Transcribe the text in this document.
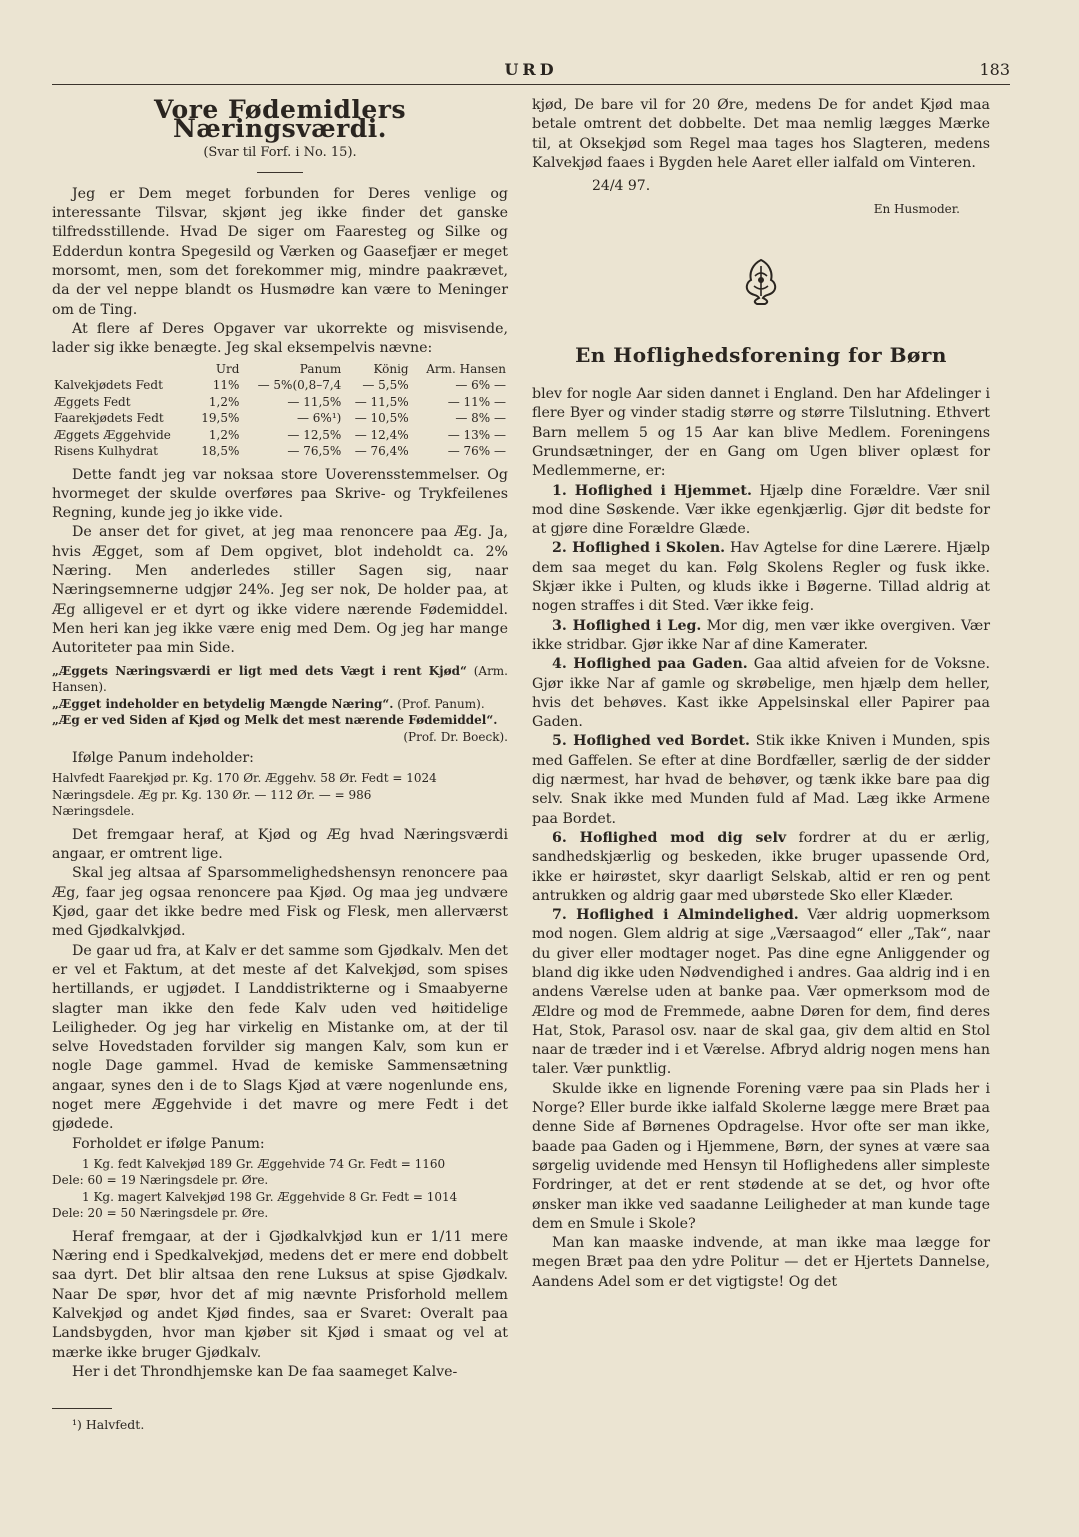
URD	183
Vore Fødemidlers Næringsværdi.
(Svar til Forf. i No. 15).

Jeg er Dem meget forbunden for Deres venlige og interessante Tilsvar, skjønt jeg ikke finder det ganske tilfredsstillende. Hvad De siger om Faaresteg og Silke og Edderdun kontra Spegesild og Værken og Gaasefjær er meget morsomt, men, som det forekommer mig, mindre paakrævet, da der vel neppe blandt os Husmødre kan være to Meninger om de Ting.

At flere af Deres Opgaver var ukorrekte og misvisende, lader sig ikke benægte. Jeg skal eksempelvis nævne:

	Urd	Panum	König	Arm. Hansen
Kalvekjødets Fedt	11%	— 5%(0,8–7,4	— 5,5%	— 6% —
Æggets Fedt	1,2%	— 11,5%	— 11,5%	— 11% —
Faarekjødets Fedt	19,5%	— 6%¹)	— 10,5%	— 8% —
Æggets Æggehvide	1,2%	— 12,5%	— 12,4%	— 13% —
Risens Kulhydrat	18,5%	— 76,5%	— 76,4%	— 76% —

Dette fandt jeg var noksaa store Uoverensstemmelser. Og hvormeget der skulde overføres paa Skrive- og Trykfeilenes Regning, kunde jeg jo ikke vide.

De anser det for givet, at jeg maa renoncere paa Æg. Ja, hvis Ægget, som af Dem opgivet, blot indeholdt ca. 2% Næring. Men anderledes stiller Sagen sig, naar Næringsemnerne udgjør 24%. Jeg ser nok, De holder paa, at Æg alligevel er et dyrt og ikke videre nærende Fødemiddel. Men heri kan jeg ikke være enig med Dem. Og jeg har mange Autoriteter paa min Side.

„Æggets Næringsværdi er ligt med dets Vægt i rent Kjød“ (Arm. Hansen).
„Ægget indeholder en betydelig Mængde Næring“. (Prof. Panum).
„Æg er ved Siden af Kjød og Melk det mest nærende Fødemiddel“.
(Prof. Dr. Boeck).

Ifølge Panum indeholder:

Halvfedt Faarekjød pr. Kg. 170 Ør. Æggehv. 58 Ør. Fedt = 1024
Næringsdele. Æg pr. Kg. 130 Ør. — 112 Ør. — = 986
Næringsdele.

Det fremgaar heraf, at Kjød og Æg hvad Næringsværdi angaar, er omtrent lige.

Skal jeg altsaa af Sparsommelighedshensyn renoncere paa Æg, faar jeg ogsaa renoncere paa Kjød. Og maa jeg undvære Kjød, gaar det ikke bedre med Fisk og Flesk, men allerværst med Gjødkalvkjød.

De gaar ud fra, at Kalv er det samme som Gjødkalv. Men det er vel et Faktum, at det meste af det Kalvekjød, som spises hertillands, er ugjødet. I Landdistrikterne og i Smaabyerne slagter man ikke den fede Kalv uden ved høitidelige Leiligheder. Og jeg har virkelig en Mistanke om, at der til selve Hovedstaden forvilder sig mangen Kalv, som kun er nogle Dage gammel. Hvad de kemiske Sammensætning angaar, synes den i de to Slags Kjød at være nogenlunde ens, noget mere Æggehvide i det mavre og mere Fedt i det gjødede.

Forholdet er ifølge Panum:

1 Kg. fedt Kalvekjød 189 Gr. Æggehvide 74 Gr. Fedt = 1160
Dele: 60 = 19 Næringsdele pr. Øre.
1 Kg. magert Kalvekjød 198 Gr. Æggehvide 8 Gr. Fedt = 1014
Dele: 20 = 50 Næringsdele pr. Øre.

Heraf fremgaar, at der i Gjødkalvkjød kun er 1/11 mere Næring end i Spedkalvekjød, medens det er mere end dobbelt saa dyrt. Det blir altsaa den rene Luksus at spise Gjødkalv. Naar De spør, hvor det af mig nævnte Prisforhold mellem Kalvekjød og andet Kjød findes, saa er Svaret: Overalt paa Landsbygden, hvor man kjøber sit Kjød i smaat og vel at mærke ikke bruger Gjødkalv.

Her i det Throndhjemske kan De faa saameget Kalve-

¹) Halvfedt.

kjød, De bare vil for 20 Øre, medens De for andet Kjød maa betale omtrent det dobbelte. Det maa nemlig lægges Mærke til, at Oksekjød som Regel maa tages hos Slagteren, medens Kalvekjød faaes i Bygden hele Aaret eller ialfald om Vinteren.

24/4 97.
En Husmoder.
En Hoflighedsforening for Børn

blev for nogle Aar siden dannet i England. Den har Afdelinger i flere Byer og vinder stadig større og større Tilslutning. Ethvert Barn mellem 5 og 15 Aar kan blive Medlem. Foreningens Grundsætninger, der en Gang om Ugen bliver oplæst for Medlemmerne, er:

1. Hoflighed i Hjemmet. Hjælp dine Forældre. Vær snil mod dine Søskende. Vær ikke egenkjærlig. Gjør dit bedste for at gjøre dine Forældre Glæde.

2. Hoflighed i Skolen. Hav Agtelse for dine Lærere. Hjælp dem saa meget du kan. Følg Skolens Regler og fusk ikke. Skjær ikke i Pulten, og kluds ikke i Bøgerne. Tillad aldrig at nogen straffes i dit Sted. Vær ikke feig.

3. Hoflighed i Leg. Mor dig, men vær ikke overgiven. Vær ikke stridbar. Gjør ikke Nar af dine Kamerater.

4. Hoflighed paa Gaden. Gaa altid afveien for de Voksne. Gjør ikke Nar af gamle og skrøbelige, men hjælp dem heller, hvis det behøves. Kast ikke Appelsinskal eller Papirer paa Gaden.

5. Hoflighed ved Bordet. Stik ikke Kniven i Munden, spis med Gaffelen. Se efter at dine Bordfæller, særlig de der sidder dig nærmest, har hvad de behøver, og tænk ikke bare paa dig selv. Snak ikke med Munden fuld af Mad. Læg ikke Armene paa Bordet.

6. Hoflighed mod dig selv fordrer at du er ærlig, sandhedskjærlig og beskeden, ikke bruger upassende Ord, ikke er høirøstet, skyr daarligt Selskab, altid er ren og pent antrukken og aldrig gaar med ubørstede Sko eller Klæder.

7. Hoflighed i Almindelighed. Vær aldrig uopmerksom mod nogen. Glem aldrig at sige „Værsaagod“ eller „Tak“, naar du giver eller modtager noget. Pas dine egne Anliggender og bland dig ikke uden Nødvendighed i andres. Gaa aldrig ind i en andens Værelse uden at banke paa. Vær opmerksom mod de Ældre og mod de Fremmede, aabne Døren for dem, find deres Hat, Stok, Parasol osv. naar de skal gaa, giv dem altid en Stol naar de træder ind i et Værelse. Afbryd aldrig nogen mens han taler. Vær punktlig.

Skulde ikke en lignende Forening være paa sin Plads her i Norge? Eller burde ikke ialfald Skolerne lægge mere Bræt paa denne Side af Børnenes Opdragelse. Hvor ofte ser man ikke, baade paa Gaden og i Hjemmene, Børn, der synes at være saa sørgelig uvidende med Hensyn til Hoflighedens aller simpleste Fordringer, at det er rent stødende at se det, og hvor ofte ønsker man ikke ved saadanne Leiligheder at man kunde tage dem en Smule i Skole?

Man kan maaske indvende, at man ikke maa lægge for megen Bræt paa den ydre Politur — det er Hjertets Dannelse, Aandens Adel som er det vigtigste! Og det
